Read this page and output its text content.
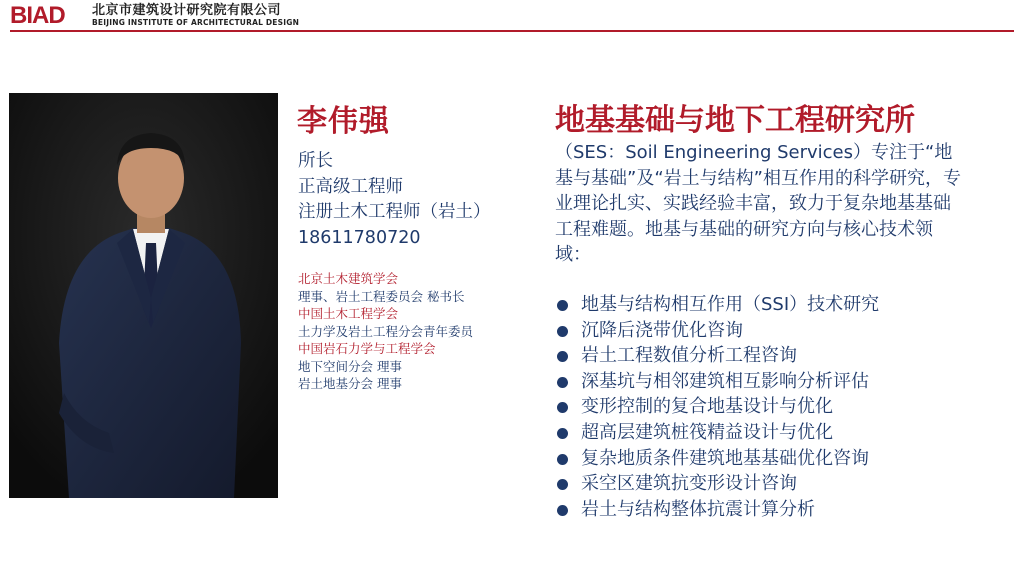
BIAD 北京市建筑设计研究院有限公司
BEIJING INSTITUTE OF ARCHITECTURAL DESIGN
李伟强
所长
正高级工程师
注册土木工程师（岩土）
18611780720
北京土木建筑学会
理事、岩土工程委员会 秘书长
中国土木工程学会
土力学及岩土工程分会青年委员
中国岩石力学与工程学会
地下空间分会 理事
岩土地基分会 理事
地基基础与地下工程研究所
（SES：Soil Engineering Services）专注于“地基与基础”及“岩土与结构”相互作用的科学研究，专业理论扎实、实践经验丰富，致力于复杂地基基础工程难题。地基与基础的研究方向与核心技术领域：
地基与结构相互作用（SSI）技术研究
沉降后浇带优化咨询
岩土工程数值分析工程咨询
深基坑与相邻建筑相互影响分析评估
变形控制的复合地基设计与优化
超高层建筑桩筏精益设计与优化
复杂地质条件建筑地基基础优化咨询
采空区建筑抗变形设计咨询
岩土与结构整体抗震计算分析
